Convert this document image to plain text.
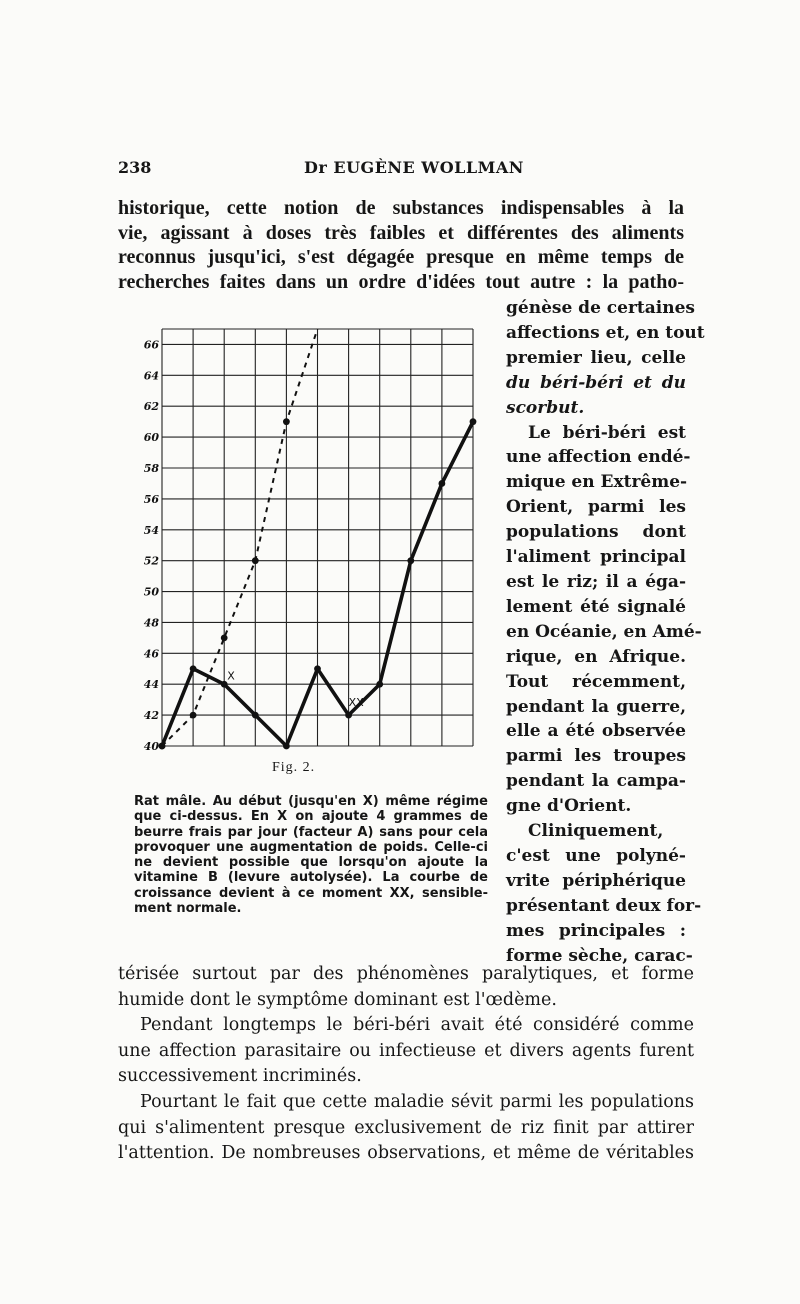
238	Dr EUGÈNE WOLLMAN
historique, cette notion de substances indispensables à la
vie, agissant à doses très faibles et différentes des aliments
reconnus jusqu'ici, s'est dégagée presque en même temps de
recherches faites dans un ordre d'idées tout autre : la patho-
40
42
44
46
48
50
52
54
56
58
60
62
64
66
X
XX
Fig. 2.
Rat mâle. Au début (jusqu'en X) même régime
que ci-dessus. En X on ajoute 4 grammes de
beurre frais par jour (facteur A) sans pour cela
provoquer une augmentation de poids. Celle-ci
ne devient possible que lorsqu'on ajoute la
vitamine B (levure autolysée). La courbe de
croissance devient à ce moment XX, sensible-
ment normale.
génèse de certaines
affections et, en tout
premier lieu, celle
du béri-béri et du
scorbut.
Le béri-béri est
une affection endé-
mique en Extrême-
Orient, parmi les
populations dont
l'aliment principal
est le riz; il a éga-
lement été signalé
en Océanie, en Amé-
rique, en Afrique.
Tout récemment,
pendant la guerre,
elle a été observée
parmi les troupes
pendant la campa-
gne d'Orient.
Cliniquement,
c'est une polyné-
vrite périphérique
présentant deux for-
mes principales :
forme sèche, carac-
térisée surtout par des phénomènes paralytiques, et forme
humide dont le symptôme dominant est l'œdème.
Pendant longtemps le béri-béri avait été considéré comme
une affection parasitaire ou infectieuse et divers agents furent
successivement incriminés.
Pourtant le fait que cette maladie sévit parmi les populations
qui s'alimentent presque exclusivement de riz finit par attirer
l'attention. De nombreuses observations, et même de véritables
